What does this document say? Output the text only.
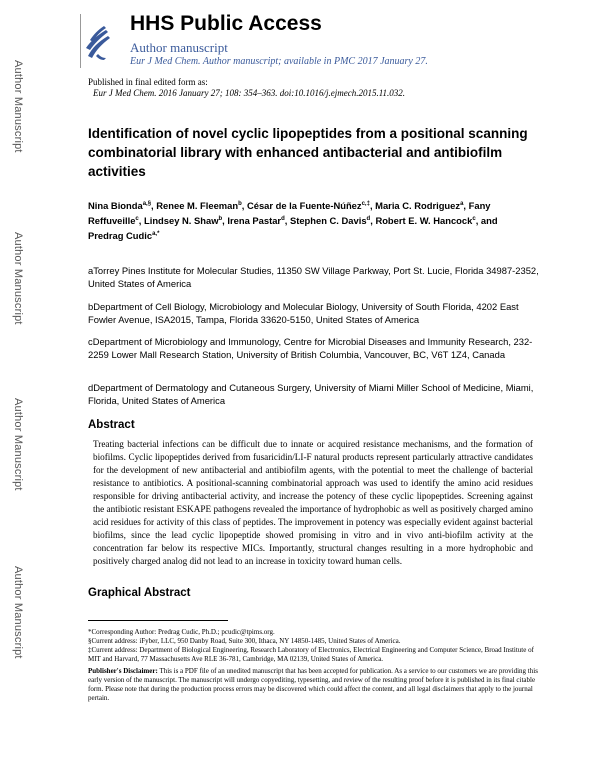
Author Manuscript
Author Manuscript
Author Manuscript
Author Manuscript
HHS Public Access
Author manuscript
Eur J Med Chem. Author manuscript; available in PMC 2017 January 27.
Published in final edited form as:
Eur J Med Chem. 2016 January 27; 108: 354–363. doi:10.1016/j.ejmech.2015.11.032.
Identification of novel cyclic lipopeptides from a positional scanning combinatorial library with enhanced antibacterial and antibiofilm activities
Nina Bionda$^{a,\S}$, Renee M. Fleeman$^b$, César de la Fuente-Núñez$^{c,\ddagger}$, Maria C. Rodriguez$^a$, Fany Reffuveille$^c$, Lindsey N. Shaw$^b$, Irena Pastar$^d$, Stephen C. Davis$^d$, Robert E. W. Hancock$^c$, and Predrag Cudic$^{a,*}$
aTorrey Pines Institute for Molecular Studies, 11350 SW Village Parkway, Port St. Lucie, Florida 34987-2352, United States of America
bDepartment of Cell Biology, Microbiology and Molecular Biology, University of South Florida, 4202 East Fowler Avenue, ISA2015, Tampa, Florida 33620-5150, United States of America
cDepartment of Microbiology and Immunology, Centre for Microbial Diseases and Immunity Research, 232-2259 Lower Mall Research Station, University of British Columbia, Vancouver, BC, V6T 1Z4, Canada
dDepartment of Dermatology and Cutaneous Surgery, University of Miami Miller School of Medicine, Miami, Florida, United States of America
Abstract
Treating bacterial infections can be difficult due to innate or acquired resistance mechanisms, and the formation of biofilms. Cyclic lipopeptides derived from fusaricidin/LI-F natural products represent particularly attractive candidates for the development of new antibacterial and antibiofilm agents, with the potential to meet the challenge of bacterial resistance to antibiotics. A positional-scanning combinatorial approach was used to identify the amino acid residues responsible for driving antibacterial activity, and increase the potency of these cyclic lipopeptides. Screening against the antibiotic resistant ESKAPE pathogens revealed the importance of hydrophobic as well as positively charged amino acid residues for activity of this class of peptides. The improvement in potency was especially evident against bacterial biofilms, since the lead cyclic lipopeptide showed promising in vitro and in vivo anti-biofilm activity at the concentration far below its respective MICs. Importantly, structural changes resulting in a more hydrophobic and positively charged analog did not lead to an increase in toxicity toward human cells.
Graphical Abstract
*Corresponding Author: Predrag Cudic, Ph.D.; pcudic@tpims.org.
§Current address: iFyber, LLC, 950 Danby Road, Suite 300, Ithaca, NY 14850-1485, United States of America.
‡Current address: Department of Biological Engineering, Research Laboratory of Electronics, Electrical Engineering and Computer Science, Broad Institute of MIT and Harvard, 77 Massachusetts Ave RLE 36-781, Cambridge, MA 02139, United States of America.
Publisher's Disclaimer: This is a PDF file of an unedited manuscript that has been accepted for publication. As a service to our customers we are providing this early version of the manuscript. The manuscript will undergo copyediting, typesetting, and review of the resulting proof before it is published in its final citable form. Please note that during the production process errors may be discovered which could affect the content, and all legal disclaimers that apply to the journal pertain.
